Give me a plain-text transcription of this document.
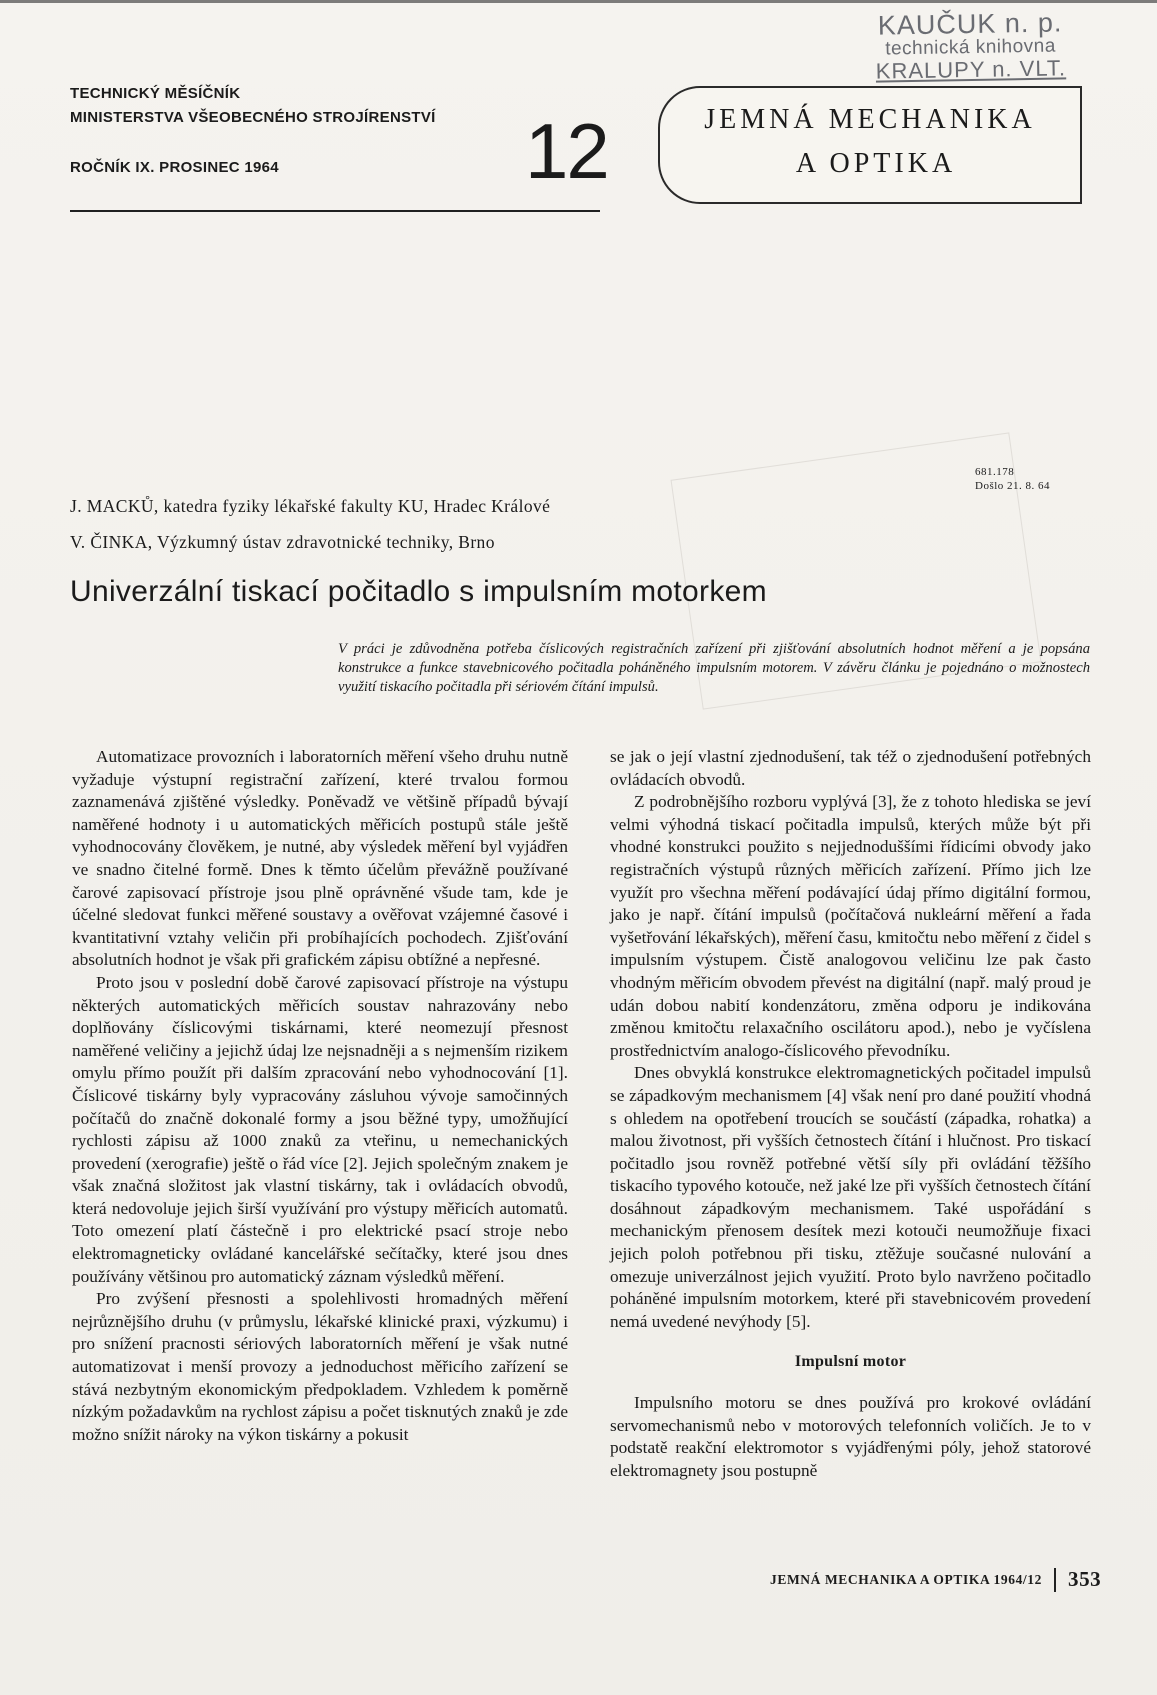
KAUČUK n. p.
technická knihovna
KRALUPY n. VLT.
TECHNICKÝ MĚSÍČNÍK
MINISTERSTVA VŠEOBECNÉHO STROJÍRENSTVÍ
ROČNÍK IX. PROSINEC 1964	12	JEMNÁ MECHANIKA
A OPTIKA
681.178
Došlo 21. 8. 64
J. MACKŮ, katedra fyziky lékařské fakulty KU, Hradec Králové
V. ČINKA, Výzkumný ústav zdravotnické techniky, Brno
Univerzální tiskací počitadlo s impulsním motorkem
V práci je zdůvodněna potřeba číslicových registračních zařízení při zjišťování absolutních hodnot měření a je popsána konstrukce a funkce stavebnicového počitadla poháněného impulsním motorem. V závěru článku je pojednáno o možnostech využití tiskacího počitadla při sériovém čítání impulsů.

Automatizace provozních i laboratorních měření všeho druhu nutně vyžaduje výstupní registrační zařízení, které trvalou formou zaznamenává zjištěné výsledky. Poněvadž ve většině případů bývají naměřené hodnoty i u automatických měřicích postupů stále ještě vyhodnocovány člověkem, je nutné, aby výsledek měření byl vyjádřen ve snadno čitelné formě. Dnes k těmto účelům převážně používané čarové zapisovací přístroje jsou plně oprávněné všude tam, kde je účelné sledovat funkci měřené soustavy a ověřovat vzájemné časové i kvantitativní vztahy veličin při probíhajících pochodech. Zjišťování absolutních hodnot je však při grafickém zápisu obtížné a nepřesné.

Proto jsou v poslední době čarové zapisovací přístroje na výstupu některých automatických měřicích soustav nahrazovány nebo doplňovány číslicovými tiskárnami, které neomezují přesnost naměřené veličiny a jejichž údaj lze nejsnadněji a s nejmenším rizikem omylu přímo použít při dalším zpracování nebo vyhodnocování [1]. Číslicové tiskárny byly vypracovány zásluhou vývoje samočinných počítačů do značně dokonalé formy a jsou běžné typy, umožňující rychlosti zápisu až 1000 znaků za vteřinu, u nemechanických provedení (xerografie) ještě o řád více [2]. Jejich společným znakem je však značná složitost jak vlastní tiskárny, tak i ovládacích obvodů, která nedovoluje jejich širší využívání pro výstupy měřicích automatů. Toto omezení platí částečně i pro elektrické psací stroje nebo elektromagneticky ovládané kancelářské sečítačky, které jsou dnes používány většinou pro automatický záznam výsledků měření.

Pro zvýšení přesnosti a spolehlivosti hromadných měření nejrůznějšího druhu (v průmyslu, lékařské klinické praxi, výzkumu) i pro snížení pracnosti sériových laboratorních měření je však nutné automatizovat i menší provozy a jednoduchost měřicího zařízení se stává nezbytným ekonomickým předpokladem. Vzhledem k poměrně nízkým požadavkům na rychlost zápisu a počet tisknutých znaků je zde možno snížit nároky na výkon tiskárny a pokusit

se jak o její vlastní zjednodušení, tak též o zjednodušení potřebných ovládacích obvodů.

Z podrobnějšího rozboru vyplývá [3], že z tohoto hlediska se jeví velmi výhodná tiskací počitadla impulsů, kterých může být při vhodné konstrukci použito s nejjednoduššími řídicími obvody jako registračních výstupů různých měřicích zařízení. Přímo jich lze využít pro všechna měření podávající údaj přímo digitální formou, jako je např. čítání impulsů (počítačová nukleární měření a řada vyšetřování lékařských), měření času, kmitočtu nebo měření z čidel s impulsním výstupem. Čistě analogovou veličinu lze pak často vhodným měřicím obvodem převést na digitální (např. malý proud je udán dobou nabití kondenzátoru, změna odporu je indikována změnou kmitočtu relaxačního oscilátoru apod.), nebo je vyčíslena prostřednictvím analogo-číslicového převodníku.

Dnes obvyklá konstrukce elektromagnetických počitadel impulsů se západkovým mechanismem [4] však není pro dané použití vhodná s ohledem na opotřebení troucích se součástí (západka, rohatka) a malou životnost, při vyšších četnostech čítání i hlučnost. Pro tiskací počitadlo jsou rovněž potřebné větší síly při ovládání těžšího tiskacího typového kotouče, než jaké lze při vyšších četnostech čítání dosáhnout západkovým mechanismem. Také uspořádání s mechanickým přenosem desítek mezi kotouči neumožňuje fixaci jejich poloh potřebnou při tisku, ztěžuje současné nulování a omezuje univerzálnost jejich využití. Proto bylo navrženo počitadlo poháněné impulsním motorkem, které při stavebnicovém provedení nemá uvedené nevýhody [5].

Impulsní motor

Impulsního motoru se dnes používá pro krokové ovládání servomechanismů nebo v motorových telefonních voličích. Je to v podstatě reakční elektromotor s vyjádřenými póly, jehož statorové elektromagnety jsou postupně

JEMNÁ MECHANIKA A OPTIKA 1964/12 353
